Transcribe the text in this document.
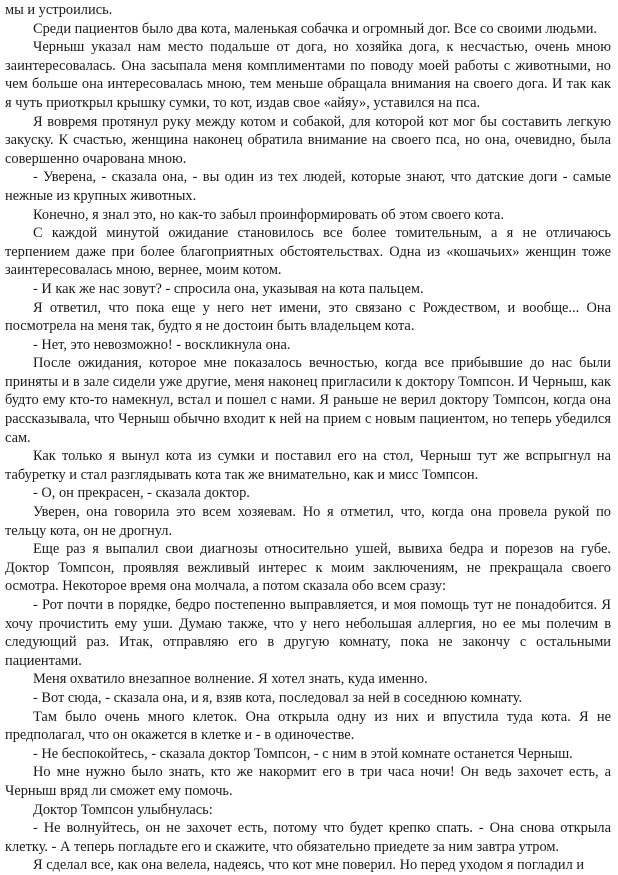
мы и устроились.

Среди пациентов было два кота, маленькая собачка и огромный дог. Все со своими людьми.

Черныш указал нам место подальше от дога, но хозяйка дога, к несчастью, очень мною заинтересовалась. Она засыпала меня комплиментами по поводу моей работы с животными, но чем больше она интересовалась мною, тем меньше обращала внимания на своего дога. И так как я чуть приоткрыл крышку сумки, то кот, издав свое «айяу», уставился на пса.

Я вовремя протянул руку между котом и собакой, для которой кот мог бы составить легкую закуску. К счастью, женщина наконец обратила внимание на своего пса, но она, очевидно, была совершенно очарована мною.

- Уверена, - сказала она, - вы один из тех людей, которые знают, что датские доги - самые нежные из крупных животных.

Конечно, я знал это, но как-то забыл проинформировать об этом своего кота.

С каждой минутой ожидание становилось все более томительным, а я не отличаюсь терпением даже при более благоприятных обстоятельствах. Одна из «кошачьих» женщин тоже заинтересовалась мною, вернее, моим котом.

- И как же нас зовут? - спросила она, указывая на кота пальцем.

Я ответил, что пока еще у него нет имени, это связано с Рождеством, и вообще... Она посмотрела на меня так, будто я не достоин быть владельцем кота.

- Нет, это невозможно! - воскликнула она.

После ожидания, которое мне показалось вечностью, когда все прибывшие до нас были приняты и в зале сидели уже другие, меня наконец пригласили к доктору Томпсон. И Черныш, как будто ему кто-то намекнул, встал и пошел с нами. Я раньше не верил доктору Томпсон, когда она рассказывала, что Черныш обычно входит к ней на прием с новым пациентом, но теперь убедился сам.

Как только я вынул кота из сумки и поставил его на стол, Черныш тут же вспрыгнул на табуретку и стал разглядывать кота так же внимательно, как и мисс Томпсон.

- О, он прекрасен, - сказала доктор.

Уверен, она говорила это всем хозяевам. Но я отметил, что, когда она провела рукой по тельцу кота, он не дрогнул.

Еще раз я выпалил свои диагнозы относительно ушей, вывиха бедра и порезов на губе. Доктор Томпсон, проявляя вежливый интерес к моим заключениям, не прекращала своего осмотра. Некоторое время она молчала, а потом сказала обо всем сразу:

- Рот почти в порядке, бедро постепенно выправляется, и моя помощь тут не понадобится. Я хочу прочистить ему уши. Думаю также, что у него небольшая аллергия, но ее мы полечим в следующий раз. Итак, отправляю его в другую комнату, пока не закончу с остальными пациентами.

Меня охватило внезапное волнение. Я хотел знать, куда именно.

- Вот сюда, - сказала она, и я, взяв кота, последовал за ней в соседнюю комнату.

Там было очень много клеток. Она открыла одну из них и впустила туда кота. Я не предполагал, что он окажется в клетке и - в одиночестве.

- Не беспокойтесь, - сказала доктор Томпсон, - с ним в этой комнате останется Черныш.

Но мне нужно было знать, кто же накормит его в три часа ночи! Он ведь захочет есть, а Черныш вряд ли сможет ему помочь.

Доктор Томпсон улыбнулась:

- Не волнуйтесь, он не захочет есть, потому что будет крепко спать. - Она снова открыла клетку. - А теперь погладьте его и скажите, что обязательно приедете за ним завтра утром.

Я сделал все, как она велела, надеясь, что кот мне поверил. Но перед уходом я погладил и
